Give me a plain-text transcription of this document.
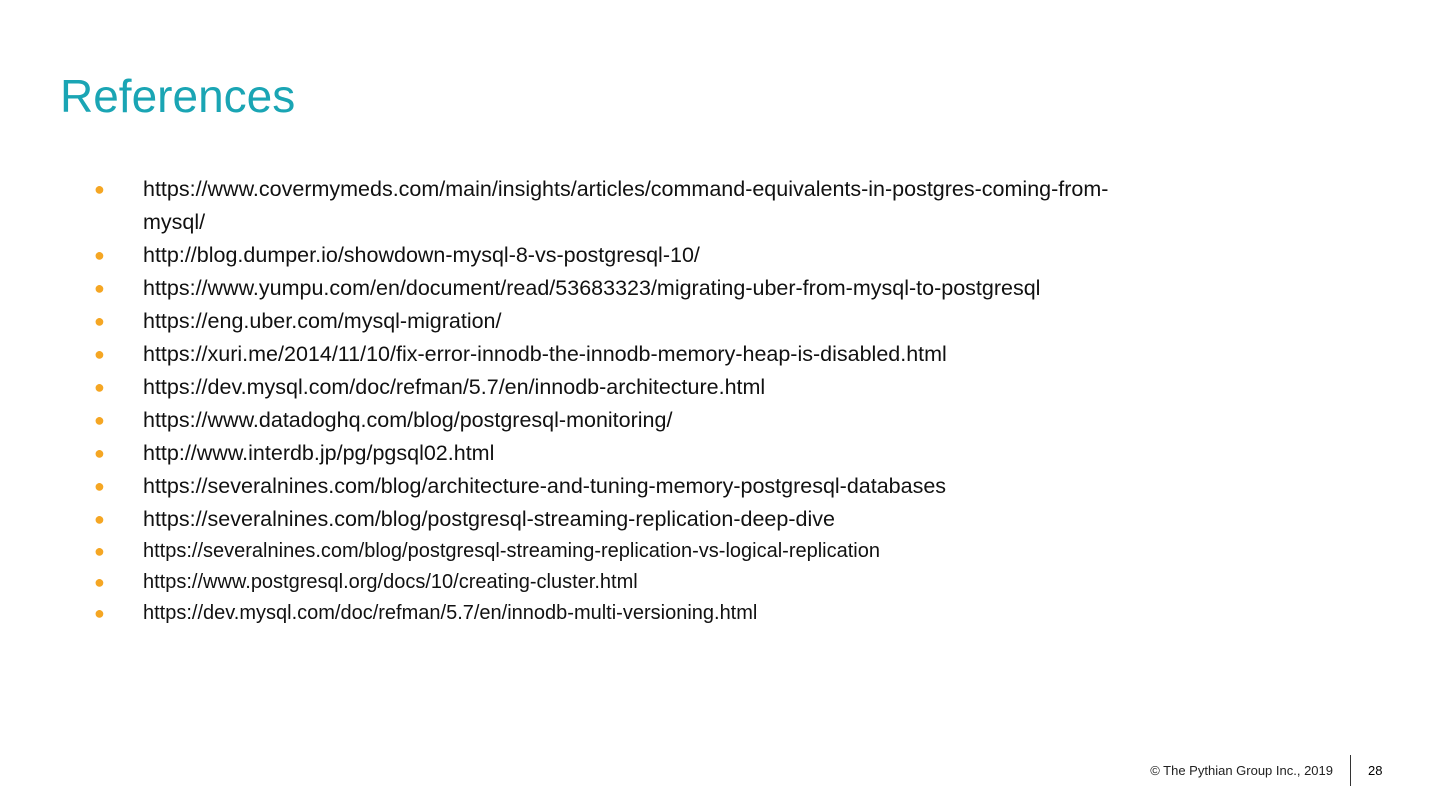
References
● https://www.covermymeds.com/main/insights/articles/command-equivalents-in-postgres-coming-from-mysql/
● http://blog.dumper.io/showdown-mysql-8-vs-postgresql-10/
● https://www.yumpu.com/en/document/read/53683323/migrating-uber-from-mysql-to-postgresql
● https://eng.uber.com/mysql-migration/
● https://xuri.me/2014/11/10/fix-error-innodb-the-innodb-memory-heap-is-disabled.html
● https://dev.mysql.com/doc/refman/5.7/en/innodb-architecture.html
● https://www.datadoghq.com/blog/postgresql-monitoring/
● http://www.interdb.jp/pg/pgsql02.html
● https://severalnines.com/blog/architecture-and-tuning-memory-postgresql-databases
● https://severalnines.com/blog/postgresql-streaming-replication-deep-dive
● https://severalnines.com/blog/postgresql-streaming-replication-vs-logical-replication
● https://www.postgresql.org/docs/10/creating-cluster.html
● https://dev.mysql.com/doc/refman/5.7/en/innodb-multi-versioning.html
© The Pythian Group Inc., 2019	28
